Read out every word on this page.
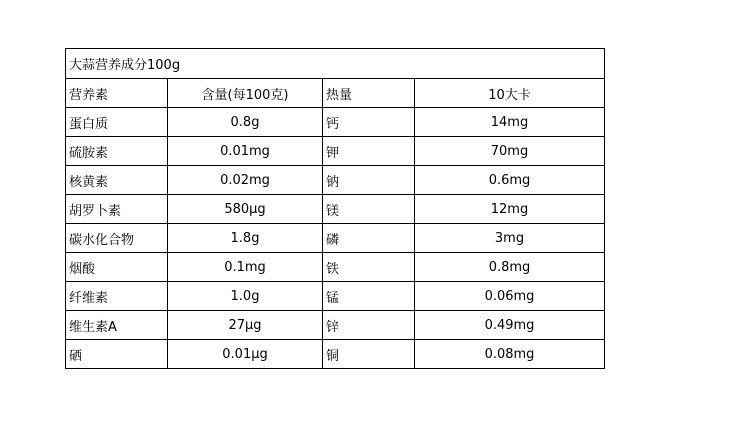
大蒜营养成分100g			
营养素	含量(每100克)	热量	10大卡
蛋白质	0.8g	钙	14mg
硫胺素	0.01mg	钾	70mg
核黄素	0.02mg	钠	0.6mg
胡罗卜素	580μg	镁	12mg
碳水化合物	1.8g	磷	3mg
烟酸	0.1mg	铁	0.8mg
纤维素	1.0g	锰	0.06mg
维生素A	27μg	锌	0.49mg
硒	0.01μg	铜	0.08mg
